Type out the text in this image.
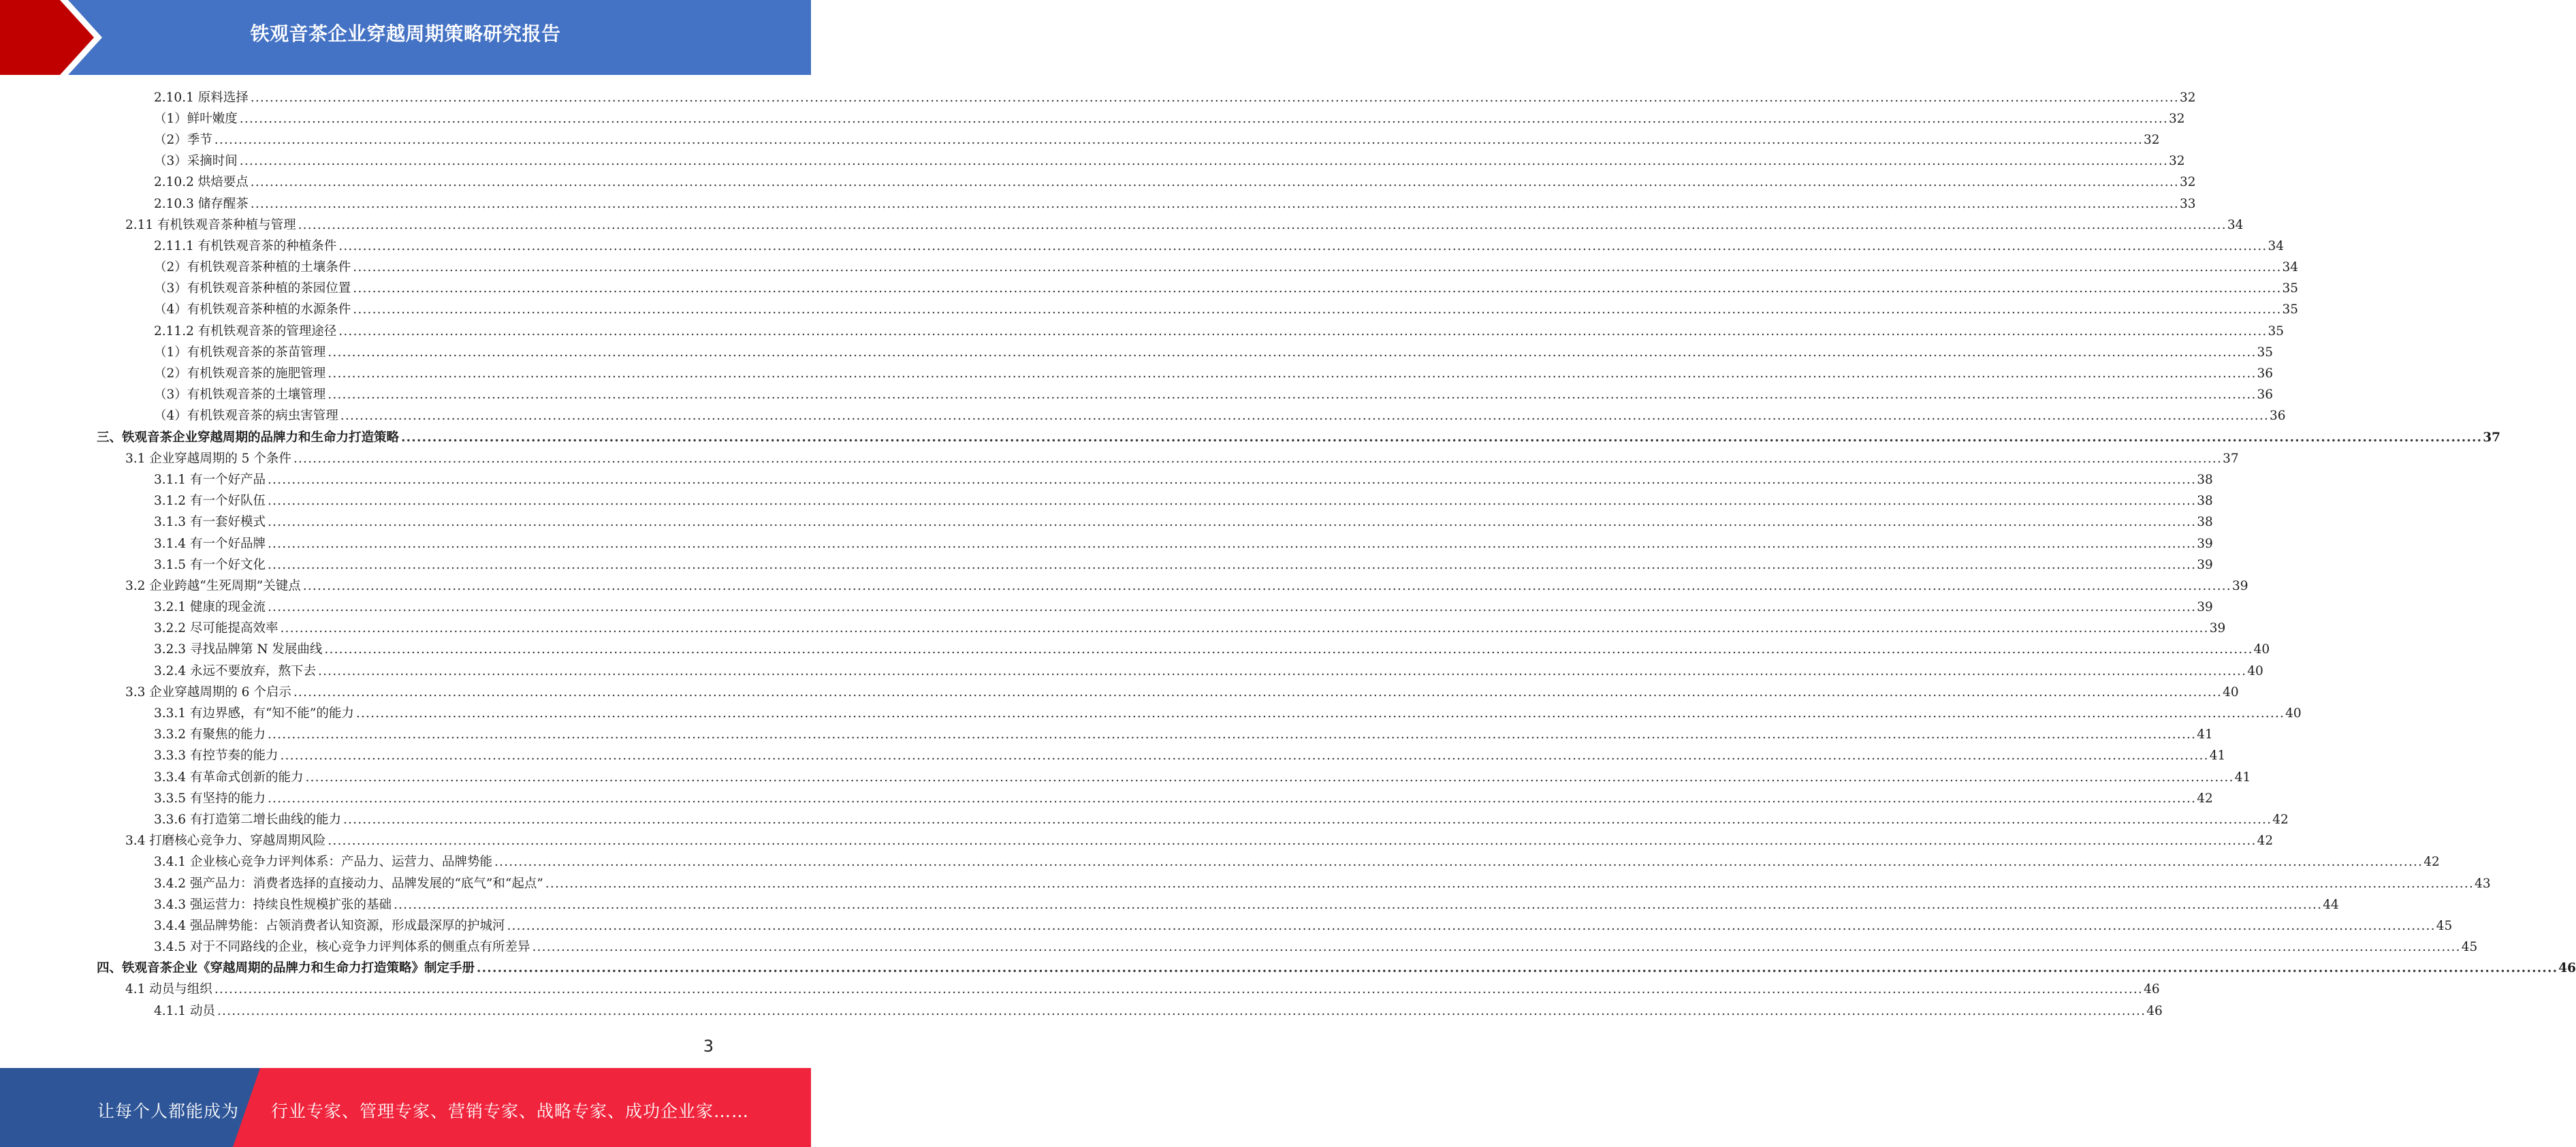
铁观音茶企业穿越周期策略研究报告
2.10.1 原料选择 ................................................................................................................................................................................................................................................................................................................................................................................................................ 32
（1）鲜叶嫩度 ................................................................................................................................................................................................................................................................................................................................................................................................................ 32
（2）季节 ................................................................................................................................................................................................................................................................................................................................................................................................................ 32
（3）采摘时间 ................................................................................................................................................................................................................................................................................................................................................................................................................ 32
2.10.2 烘焙要点 ................................................................................................................................................................................................................................................................................................................................................................................................................ 32
2.10.3 储存醒茶 ................................................................................................................................................................................................................................................................................................................................................................................................................ 33
2.11 有机铁观音茶种植与管理 ................................................................................................................................................................................................................................................................................................................................................................................................................ 34
2.11.1 有机铁观音茶的种植条件 ................................................................................................................................................................................................................................................................................................................................................................................................................ 34
（2）有机铁观音茶种植的土壤条件 ................................................................................................................................................................................................................................................................................................................................................................................................................ 34
（3）有机铁观音茶种植的茶园位置 ................................................................................................................................................................................................................................................................................................................................................................................................................ 35
（4）有机铁观音茶种植的水源条件 ................................................................................................................................................................................................................................................................................................................................................................................................................ 35
2.11.2 有机铁观音茶的管理途径 ................................................................................................................................................................................................................................................................................................................................................................................................................ 35
（1）有机铁观音茶的茶苗管理 ................................................................................................................................................................................................................................................................................................................................................................................................................ 35
（2）有机铁观音茶的施肥管理 ................................................................................................................................................................................................................................................................................................................................................................................................................ 36
（3）有机铁观音茶的土壤管理 ................................................................................................................................................................................................................................................................................................................................................................................................................ 36
（4）有机铁观音茶的病虫害管理 ................................................................................................................................................................................................................................................................................................................................................................................................................ 36
三、铁观音茶企业穿越周期的品牌力和生命力打造策略 ................................................................................................................................................................................................................................................................................................................................................................................................................ 37
3.1 企业穿越周期的 5 个条件 ................................................................................................................................................................................................................................................................................................................................................................................................................ 37
3.1.1 有一个好产品 ................................................................................................................................................................................................................................................................................................................................................................................................................ 38
3.1.2 有一个好队伍 ................................................................................................................................................................................................................................................................................................................................................................................................................ 38
3.1.3 有一套好模式 ................................................................................................................................................................................................................................................................................................................................................................................................................ 38
3.1.4 有一个好品牌 ................................................................................................................................................................................................................................................................................................................................................................................................................ 39
3.1.5 有一个好文化 ................................................................................................................................................................................................................................................................................................................................................................................................................ 39
3.2 企业跨越“生死周期”关键点 ................................................................................................................................................................................................................................................................................................................................................................................................................ 39
3.2.1 健康的现金流 ................................................................................................................................................................................................................................................................................................................................................................................................................ 39
3.2.2 尽可能提高效率 ................................................................................................................................................................................................................................................................................................................................................................................................................ 39
3.2.3 寻找品牌第 N 发展曲线 ................................................................................................................................................................................................................................................................................................................................................................................................................ 40
3.2.4 永远不要放弃，熬下去 ................................................................................................................................................................................................................................................................................................................................................................................................................ 40
3.3 企业穿越周期的 6 个启示 ................................................................................................................................................................................................................................................................................................................................................................................................................ 40
3.3.1 有边界感，有“知不能”的能力 ................................................................................................................................................................................................................................................................................................................................................................................................................ 40
3.3.2 有聚焦的能力 ................................................................................................................................................................................................................................................................................................................................................................................................................ 41
3.3.3 有控节奏的能力 ................................................................................................................................................................................................................................................................................................................................................................................................................ 41
3.3.4 有革命式创新的能力 ................................................................................................................................................................................................................................................................................................................................................................................................................ 41
3.3.5 有坚持的能力 ................................................................................................................................................................................................................................................................................................................................................................................................................ 42
3.3.6 有打造第二增长曲线的能力 ................................................................................................................................................................................................................................................................................................................................................................................................................ 42
3.4 打磨核心竞争力、穿越周期风险 ................................................................................................................................................................................................................................................................................................................................................................................................................ 42
3.4.1 企业核心竞争力评判体系：产品力、运营力、品牌势能 ................................................................................................................................................................................................................................................................................................................................................................................................................ 42
3.4.2 强产品力：消费者选择的直接动力、品牌发展的“底气”和“起点” ................................................................................................................................................................................................................................................................................................................................................................................................................ 43
3.4.3 强运营力：持续良性规模扩张的基础 ................................................................................................................................................................................................................................................................................................................................................................................................................ 44
3.4.4 强品牌势能：占领消费者认知资源，形成最深厚的护城河 ................................................................................................................................................................................................................................................................................................................................................................................................................ 45
3.4.5 对于不同路线的企业，核心竞争力评判体系的侧重点有所差异 ................................................................................................................................................................................................................................................................................................................................................................................................................ 45
四、铁观音茶企业《穿越周期的品牌力和生命力打造策略》制定手册 ................................................................................................................................................................................................................................................................................................................................................................................................................ 46
4.1 动员与组织 ................................................................................................................................................................................................................................................................................................................................................................................................................ 46
4.1.1 动员 ................................................................................................................................................................................................................................................................................................................................................................................................................ 46
3
让每个人都能成为 行业专家、管理专家、营销专家、战略专家、成功企业家……
